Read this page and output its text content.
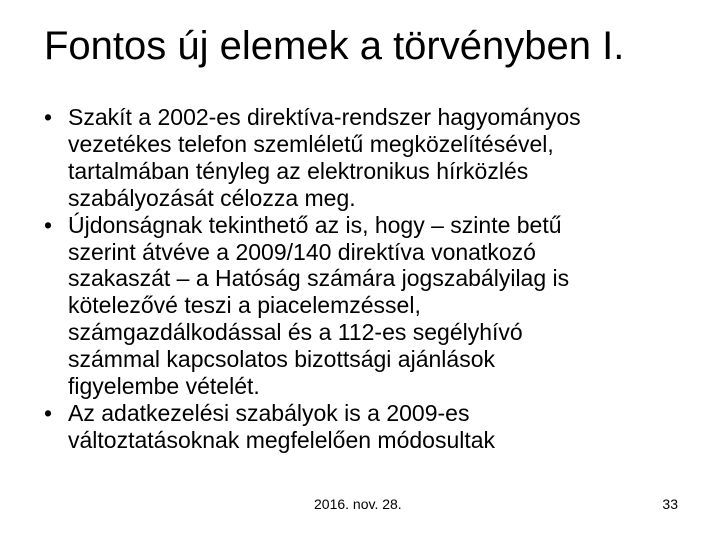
Fontos új elemek a törvényben I.
• Szakít a 2002-es direktíva-rendszer hagyományos
vezetékes telefon szemléletű megközelítésével,
tartalmában tényleg az elektronikus hírközlés
szabályozását célozza meg.
• Újdonságnak tekinthető az is, hogy – szinte betű
szerint átvéve a 2009/140 direktíva vonatkozó
szakaszát – a Hatóság számára jogszabályilag is
kötelezővé teszi a piacelemzéssel,
számgazdálkodással és a 112-es segélyhívó
számmal kapcsolatos bizottsági ajánlások
figyelembe vételét.
• Az adatkezelési szabályok is a 2009-es
változtatásoknak megfelelően módosultak
2016. nov. 28.	33
